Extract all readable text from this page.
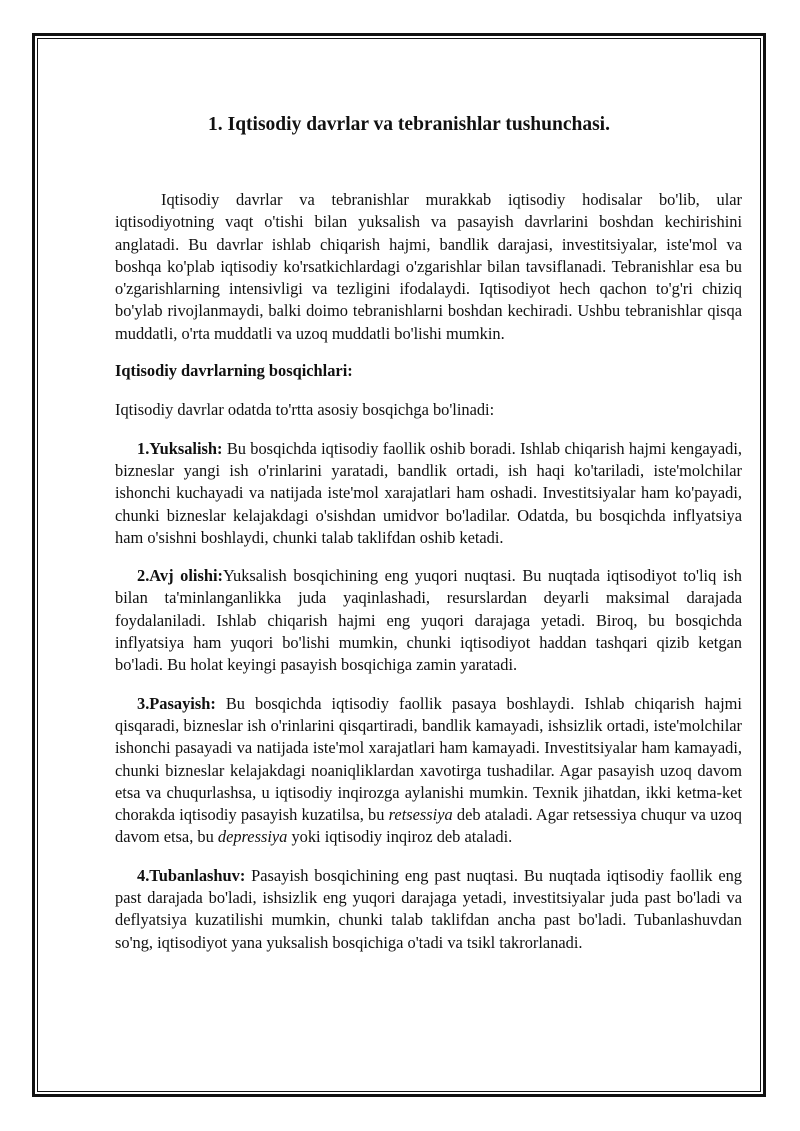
1. Iqtisodiy davrlar va tebranishlar tushunchasi.

Iqtisodiy davrlar va tebranishlar murakkab iqtisodiy hodisalar bo'lib, ular iqtisodiyotning vaqt o'tishi bilan yuksalish va pasayish davrlarini boshdan kechirishini anglatadi. Bu davrlar ishlab chiqarish hajmi, bandlik darajasi, investitsiyalar, iste'mol va boshqa ko'plab iqtisodiy ko'rsatkichlardagi o'zgarishlar bilan tavsiflanadi. Tebranishlar esa bu o'zgarishlarning intensivligi va tezligini ifodalaydi. Iqtisodiyot hech qachon to'g'ri chiziq bo'ylab rivojlanmaydi, balki doimo tebranishlarni boshdan kechiradi. Ushbu tebranishlar qisqa muddatli, o'rta muddatli va uzoq muddatli bo'lishi mumkin.

Iqtisodiy davrlarning bosqichlari:

Iqtisodiy davrlar odatda to'rtta asosiy bosqichga bo'linadi:

1.Yuksalish: Bu bosqichda iqtisodiy faollik oshib boradi. Ishlab chiqarish hajmi kengayadi, bizneslar yangi ish o'rinlarini yaratadi, bandlik ortadi, ish haqi ko'tariladi, iste'molchilar ishonchi kuchayadi va natijada iste'mol xarajatlari ham oshadi. Investitsiyalar ham ko'payadi, chunki bizneslar kelajakdagi o'sishdan umidvor bo'ladilar. Odatda, bu bosqichda inflyatsiya ham o'sishni boshlaydi, chunki talab taklifdan oshib ketadi.

2.Avj olishi:Yuksalish bosqichining eng yuqori nuqtasi. Bu nuqtada iqtisodiyot to'liq ish bilan ta'minlanganlikka juda yaqinlashadi, resurslardan deyarli maksimal darajada foydalaniladi. Ishlab chiqarish hajmi eng yuqori darajaga yetadi. Biroq, bu bosqichda inflyatsiya ham yuqori bo'lishi mumkin, chunki iqtisodiyot haddan tashqari qizib ketgan bo'ladi. Bu holat keyingi pasayish bosqichiga zamin yaratadi.

3.Pasayish: Bu bosqichda iqtisodiy faollik pasaya boshlaydi. Ishlab chiqarish hajmi qisqaradi, bizneslar ish o'rinlarini qisqartiradi, bandlik kamayadi, ishsizlik ortadi, iste'molchilar ishonchi pasayadi va natijada iste'mol xarajatlari ham kamayadi. Investitsiyalar ham kamayadi, chunki bizneslar kelajakdagi noaniqliklardan xavotirga tushadilar. Agar pasayish uzoq davom etsa va chuqurlashsa, u iqtisodiy inqirozga aylanishi mumkin. Texnik jihatdan, ikki ketma-ket chorakda iqtisodiy pasayish kuzatilsa, bu retsessiya deb ataladi. Agar retsessiya chuqur va uzoq davom etsa, bu depressiya yoki iqtisodiy inqiroz deb ataladi.

4.Tubanlashuv: Pasayish bosqichining eng past nuqtasi. Bu nuqtada iqtisodiy faollik eng past darajada bo'ladi, ishsizlik eng yuqori darajaga yetadi, investitsiyalar juda past bo'ladi va deflyatsiya kuzatilishi mumkin, chunki talab taklifdan ancha past bo'ladi. Tubanlashuvdan so'ng, iqtisodiyot yana yuksalish bosqichiga o'tadi va tsikl takrorlanadi.
